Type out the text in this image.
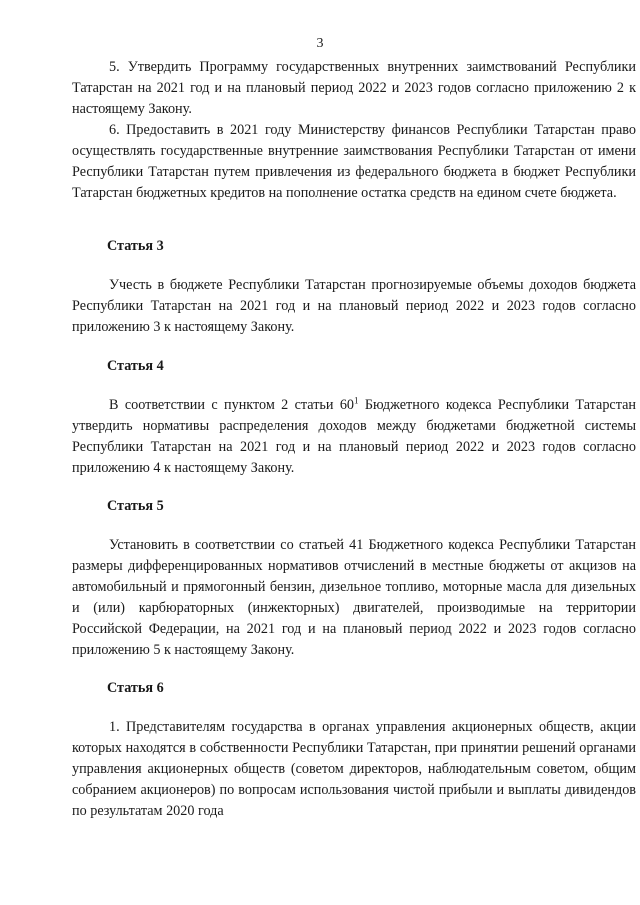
3
5. Утвердить Программу государственных внутренних заимствований Республики Татарстан на 2021 год и на плановый период 2022 и 2023 годов согласно приложению 2 к настоящему Закону.
6. Предоставить в 2021 году Министерству финансов Республики Татарстан право осуществлять государственные внутренние заимствования Республики Татарстан от имени Республики Татарстан путем привлечения из федерального бюджета в бюджет Республики Татарстан бюджетных кредитов на пополнение остатка средств на едином счете бюджета.
Статья 3
Учесть в бюджете Республики Татарстан прогнозируемые объемы доходов бюджета Республики Татарстан на 2021 год и на плановый период 2022 и 2023 годов согласно приложению 3 к настоящему Закону.
Статья 4
В соответствии с пунктом 2 статьи $60^1$ Бюджетного кодекса Республики Татарстан утвердить нормативы распределения доходов между бюджетами бюджетной системы Республики Татарстан на 2021 год и на плановый период 2022 и 2023 годов согласно приложению 4 к настоящему Закону.
Статья 5
Установить в соответствии со статьей 41 Бюджетного кодекса Республики Татарстан размеры дифференцированных нормативов отчислений в местные бюджеты от акцизов на автомобильный и прямогонный бензин, дизельное топливо, моторные масла для дизельных и (или) карбюраторных (инжекторных) двигателей, производимые на территории Российской Федерации, на 2021 год и на плановый период 2022 и 2023 годов согласно приложению 5 к настоящему Закону.
Статья 6
1. Представителям государства в органах управления акционерных обществ, акции которых находятся в собственности Республики Татарстан, при принятии решений органами управления акционерных обществ (советом директоров, наблюдательным советом, общим собранием акционеров) по вопросам использования чистой прибыли и выплаты дивидендов по результатам 2020 года
